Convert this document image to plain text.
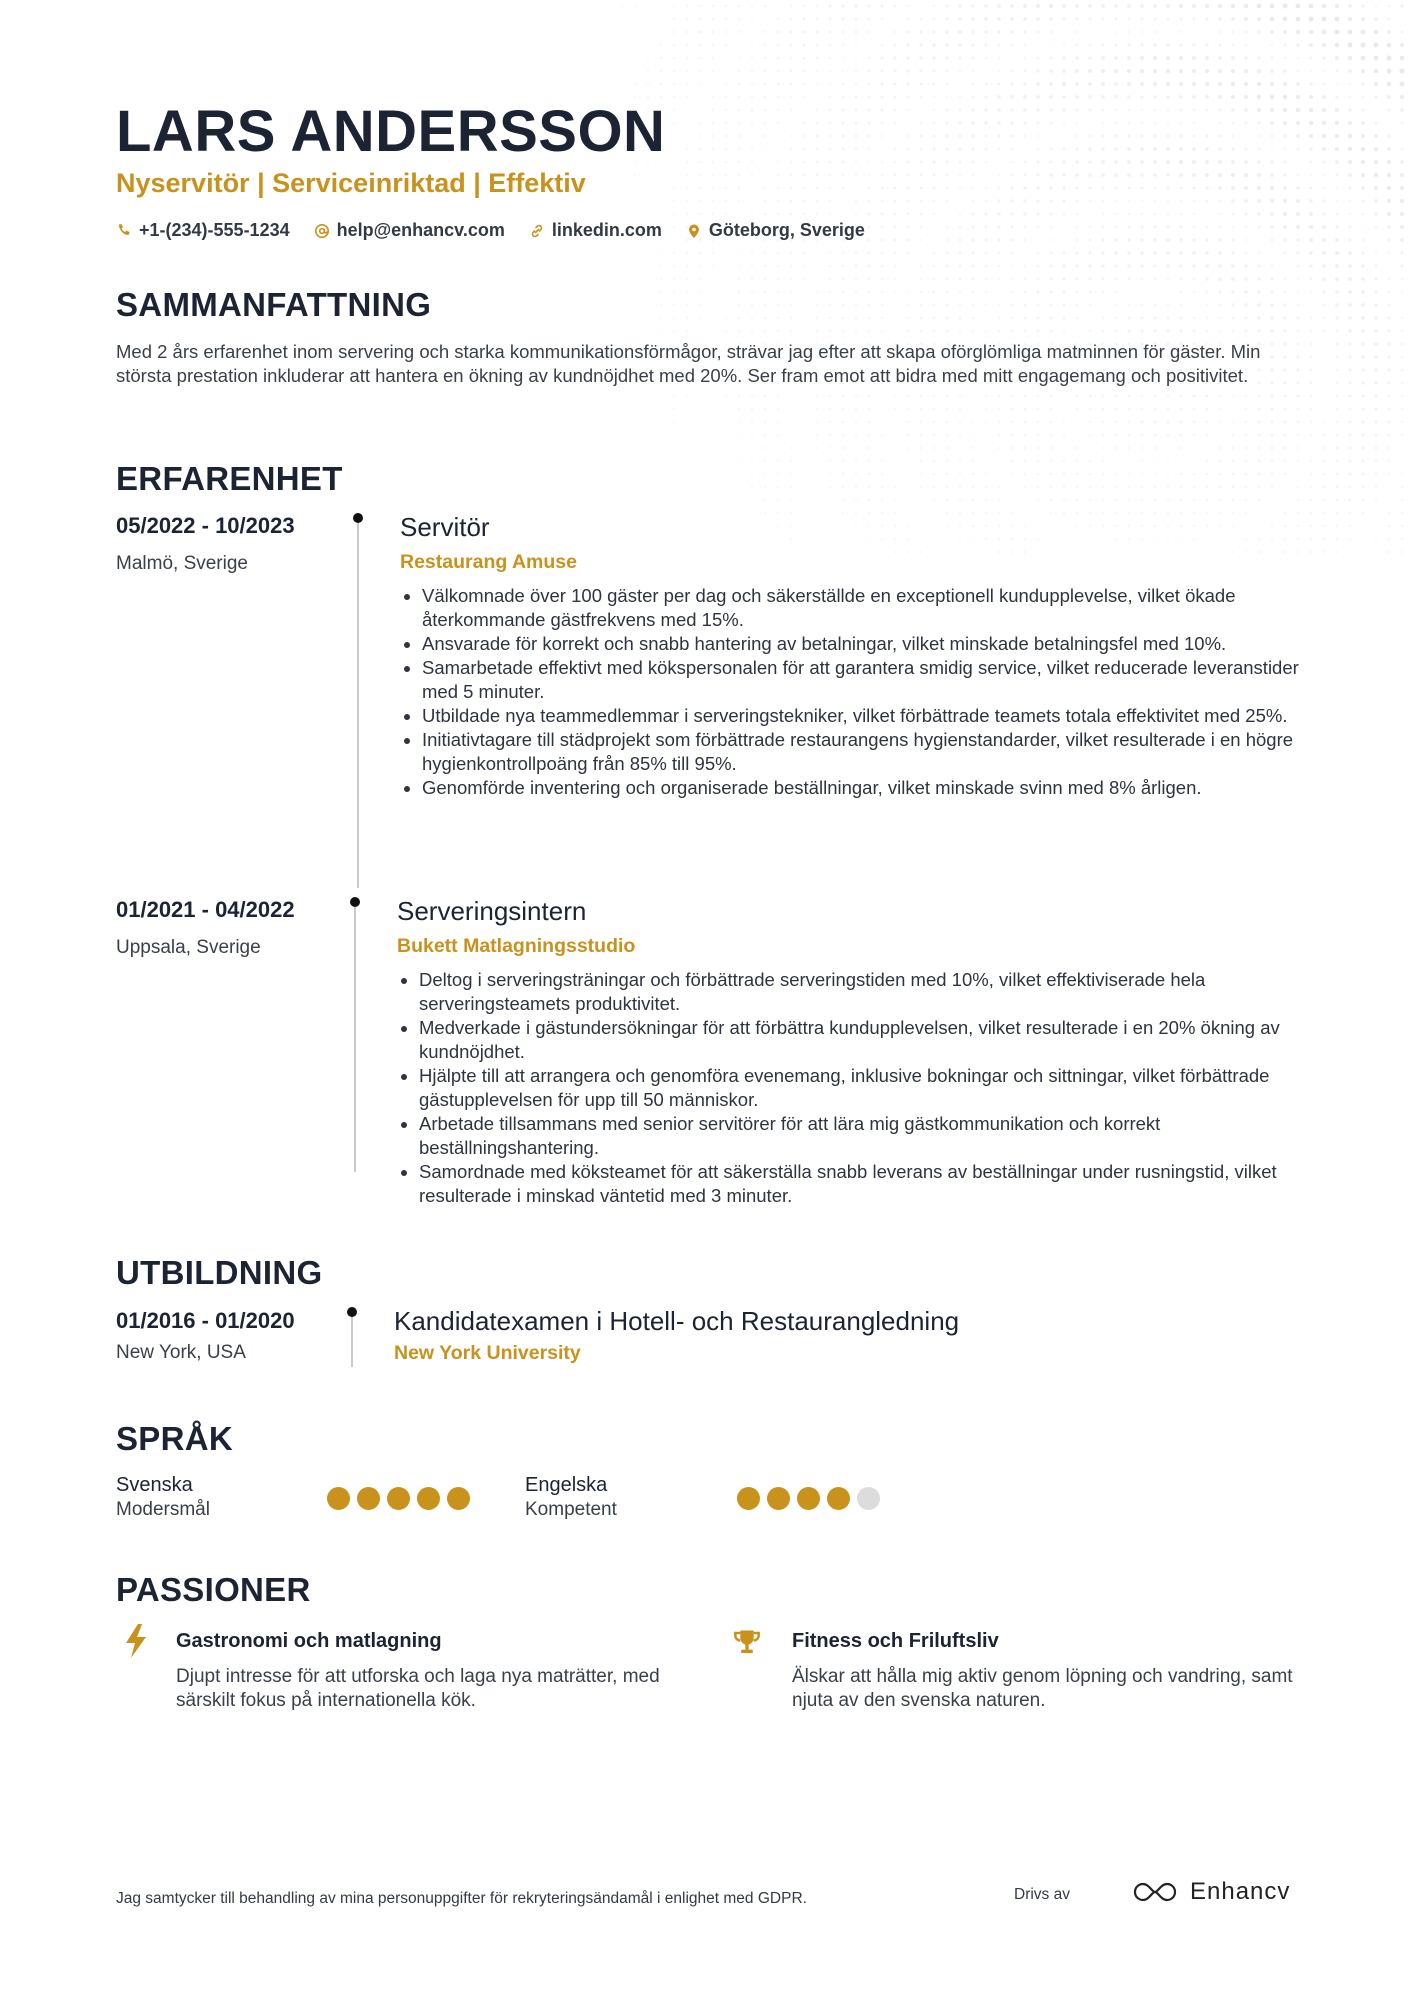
LARS ANDERSSON
Nyservitör | Serviceinriktad | Effektiv
+1-(234)-555-1234	help@enhancv.com	linkedin.com	Göteborg, Sverige
SAMMANFATTNING
Med 2 års erfarenhet inom servering och starka kommunikationsförmågor, strävar jag efter att skapa oförglömliga matminnen för gäster. Min största prestation inkluderar att hantera en ökning av kundnöjdhet med 20%. Ser fram emot att bidra med mitt engagemang och positivitet.
ERFARENHET
05/2022 - 10/2023
Malmö, Sverige
Servitör
Restaurang Amuse
• Välkomnade över 100 gäster per dag och säkerställde en exceptionell kundupplevelse, vilket ökade återkommande gästfrekvens med 15%.
• Ansvarade för korrekt och snabb hantering av betalningar, vilket minskade betalningsfel med 10%.
• Samarbetade effektivt med kökspersonalen för att garantera smidig service, vilket reducerade leveranstider med 5 minuter.
• Utbildade nya teammedlemmar i serveringstekniker, vilket förbättrade teamets totala effektivitet med 25%.
• Initiativtagare till städprojekt som förbättrade restaurangens hygienstandarder, vilket resulterade i en högre hygienkontrollpoäng från 85% till 95%.
• Genomförde inventering och organiserade beställningar, vilket minskade svinn med 8% årligen.
01/2021 - 04/2022
Uppsala, Sverige
Serveringsintern
Bukett Matlagningsstudio
• Deltog i serveringsträningar och förbättrade serveringstiden med 10%, vilket effektiviserade hela serveringsteamets produktivitet.
• Medverkade i gästundersökningar för att förbättra kundupplevelsen, vilket resulterade i en 20% ökning av kundnöjdhet.
• Hjälpte till att arrangera och genomföra evenemang, inklusive bokningar och sittningar, vilket förbättrade gästupplevelsen för upp till 50 människor.
• Arbetade tillsammans med senior servitörer för att lära mig gästkommunikation och korrekt beställningshantering.
• Samordnade med köksteamet för att säkerställa snabb leverans av beställningar under rusningstid, vilket resulterade i minskad väntetid med 3 minuter.
UTBILDNING
01/2016 - 01/2020
New York, USA
Kandidatexamen i Hotell- och Restaurangledning
New York University
SPRÅK
Svenska
Modersmål
Engelska
Kompetent
PASSIONER
Gastronomi och matlagning
Djupt intresse för att utforska och laga nya maträtter, med särskilt fokus på internationella kök.
Fitness och Friluftsliv
Älskar att hålla mig aktiv genom löpning och vandring, samt njuta av den svenska naturen.
Jag samtycker till behandling av mina personuppgifter för rekryteringsändamål i enlighet med GDPR.	Drivs av	Enhancv
